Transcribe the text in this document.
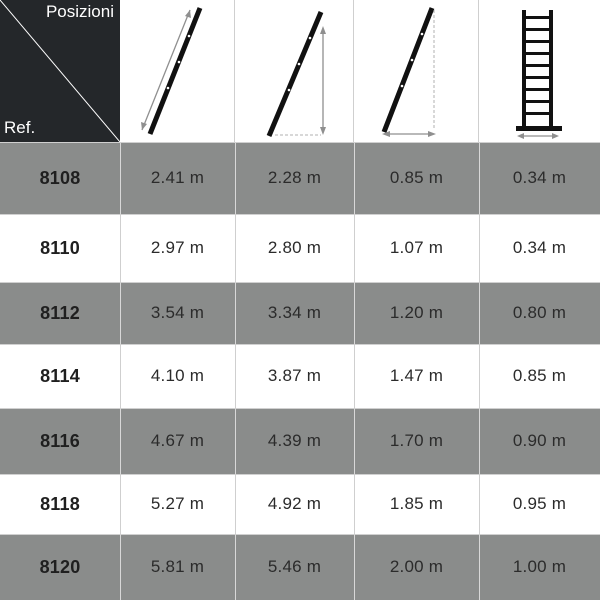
Posizioni
Ref.
8108	2.41 m	2.28 m	0.85 m	0.34 m
8110	2.97 m	2.80 m	1.07 m	0.34 m
8112	3.54 m	3.34 m	1.20 m	0.80 m
8114	4.10 m	3.87 m	1.47 m	0.85 m
8116	4.67 m	4.39 m	1.70 m	0.90 m
8118	5.27 m	4.92 m	1.85 m	0.95 m
8120	5.81 m	5.46 m	2.00 m	1.00 m
